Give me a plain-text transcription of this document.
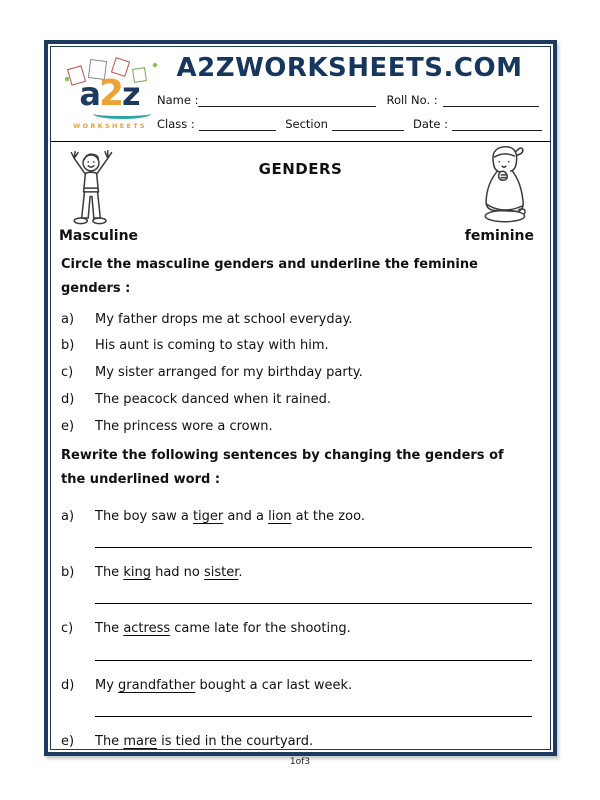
a2z
WORKSHEETS
A2ZWORKSHEETS.COM
Name :	Roll No. :
Class :	Section	Date :
GENDERS
Masculine	feminine
Circle the masculine genders and underline the feminine genders :
a)	My father drops me at school everyday.
b)	His aunt is coming to stay with him.
c)	My sister arranged for my birthday party.
d)	The peacock danced when it rained.
e)	The princess wore a crown.
Rewrite the following sentences by changing the genders of the underlined word :
a)	The boy saw a tiger and a lion at the zoo.
b)	The king had no sister.
c)	The actress came late for the shooting.
d)	My grandfather bought a car last week.
e)	The mare is tied in the courtyard.
1of3
